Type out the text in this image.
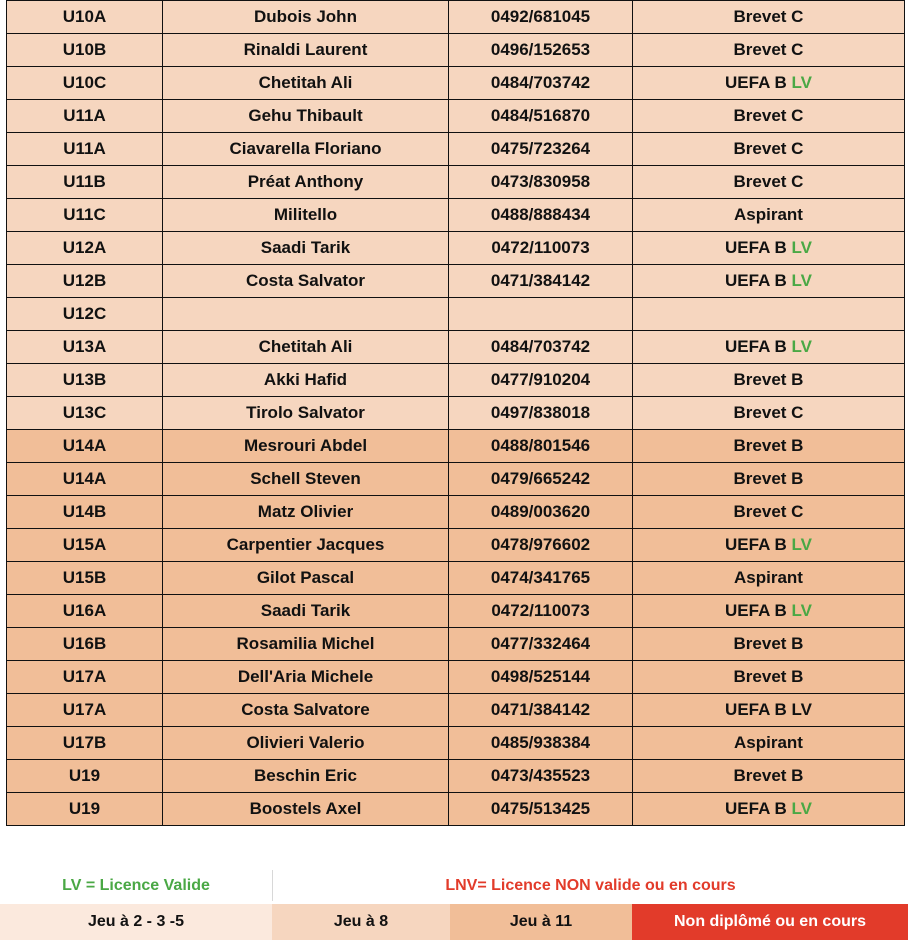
U10A	Dubois John	0492/681045	Brevet C
U10B	Rinaldi Laurent	0496/152653	Brevet C
U10C	Chetitah Ali	0484/703742	UEFA B LV
U11A	Gehu Thibault	0484/516870	Brevet C
U11A	Ciavarella Floriano	0475/723264	Brevet C
U11B	Préat Anthony	0473/830958	Brevet C
U11C	Militello	0488/888434	Aspirant
U12A	Saadi Tarik	0472/110073	UEFA B LV
U12B	Costa Salvator	0471/384142	UEFA B LV
U12C			
U13A	Chetitah Ali	0484/703742	UEFA B LV
U13B	Akki Hafid	0477/910204	Brevet B
U13C	Tirolo Salvator	0497/838018	Brevet C
U14A	Mesrouri Abdel	0488/801546	Brevet B
U14A	Schell Steven	0479/665242	Brevet B
U14B	Matz Olivier	0489/003620	Brevet C
U15A	Carpentier Jacques	0478/976602	UEFA B LV
U15B	Gilot Pascal	0474/341765	Aspirant
U16A	Saadi Tarik	0472/110073	UEFA B LV
U16B	Rosamilia Michel	0477/332464	Brevet B
U17A	Dell'Aria Michele	0498/525144	Brevet B
U17A	Costa Salvatore	0471/384142	UEFA B LV
U17B	Olivieri Valerio	0485/938384	Aspirant
U19	Beschin Eric	0473/435523	Brevet B
U19	Boostels Axel	0475/513425	UEFA B LV
LV = Licence Valide	LNV= Licence NON valide ou en cours
Jeu à 2 - 3 -5	Jeu à 8	Jeu à 11	Non diplômé ou en cours
